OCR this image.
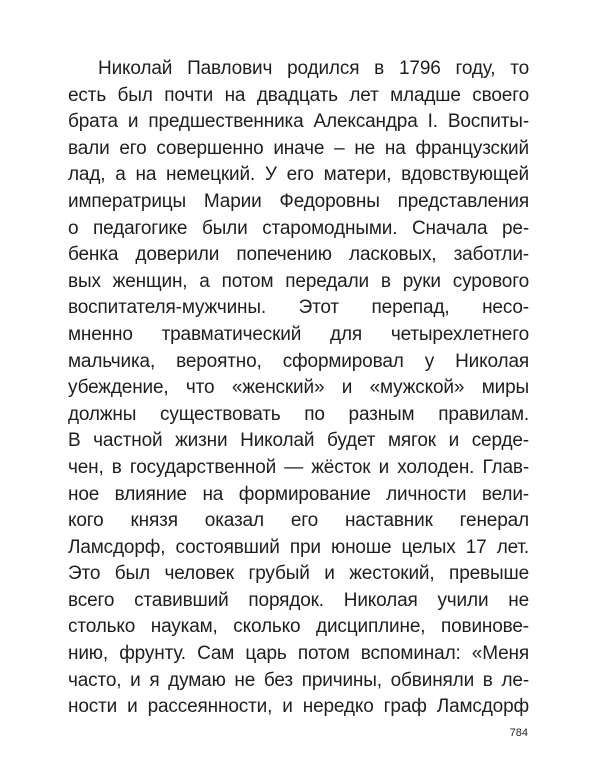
Николай Павлович родился в 1796 году, то
есть был почти на двадцать лет младше своего
брата и предшественника Александра I. Воспиты-
вали его совершенно иначе – не на французский
лад, а на немецкий. У его матери, вдовствующей
императрицы Марии Федоровны представления
о педагогике были старомодными. Сначала ре-
бенка доверили попечению ласковых, заботли-
вых женщин, а потом передали в руки сурового
воспитателя-мужчины. Этот перепад, несо-
мненно травматический для четырехлетнего
мальчика, вероятно, сформировал у Николая
убеждение, что «женский» и «мужской» миры
должны существовать по разным правилам.
В частной жизни Николай будет мягок и серде-
чен, в государственной — жёсток и холоден. Глав-
ное влияние на формирование личности вели-
кого князя оказал его наставник генерал
Ламсдорф, состоявший при юноше целых 17 лет.
Это был человек грубый и жестокий, превыше
всего ставивший порядок. Николая учили не
столько наукам, сколько дисциплине, повинове-
нию, фрунту. Сам царь потом вспоминал: «Меня
часто, и я думаю не без причины, обвиняли в ле-
ности и рассеянности, и нередко граф Ламсдорф
784
